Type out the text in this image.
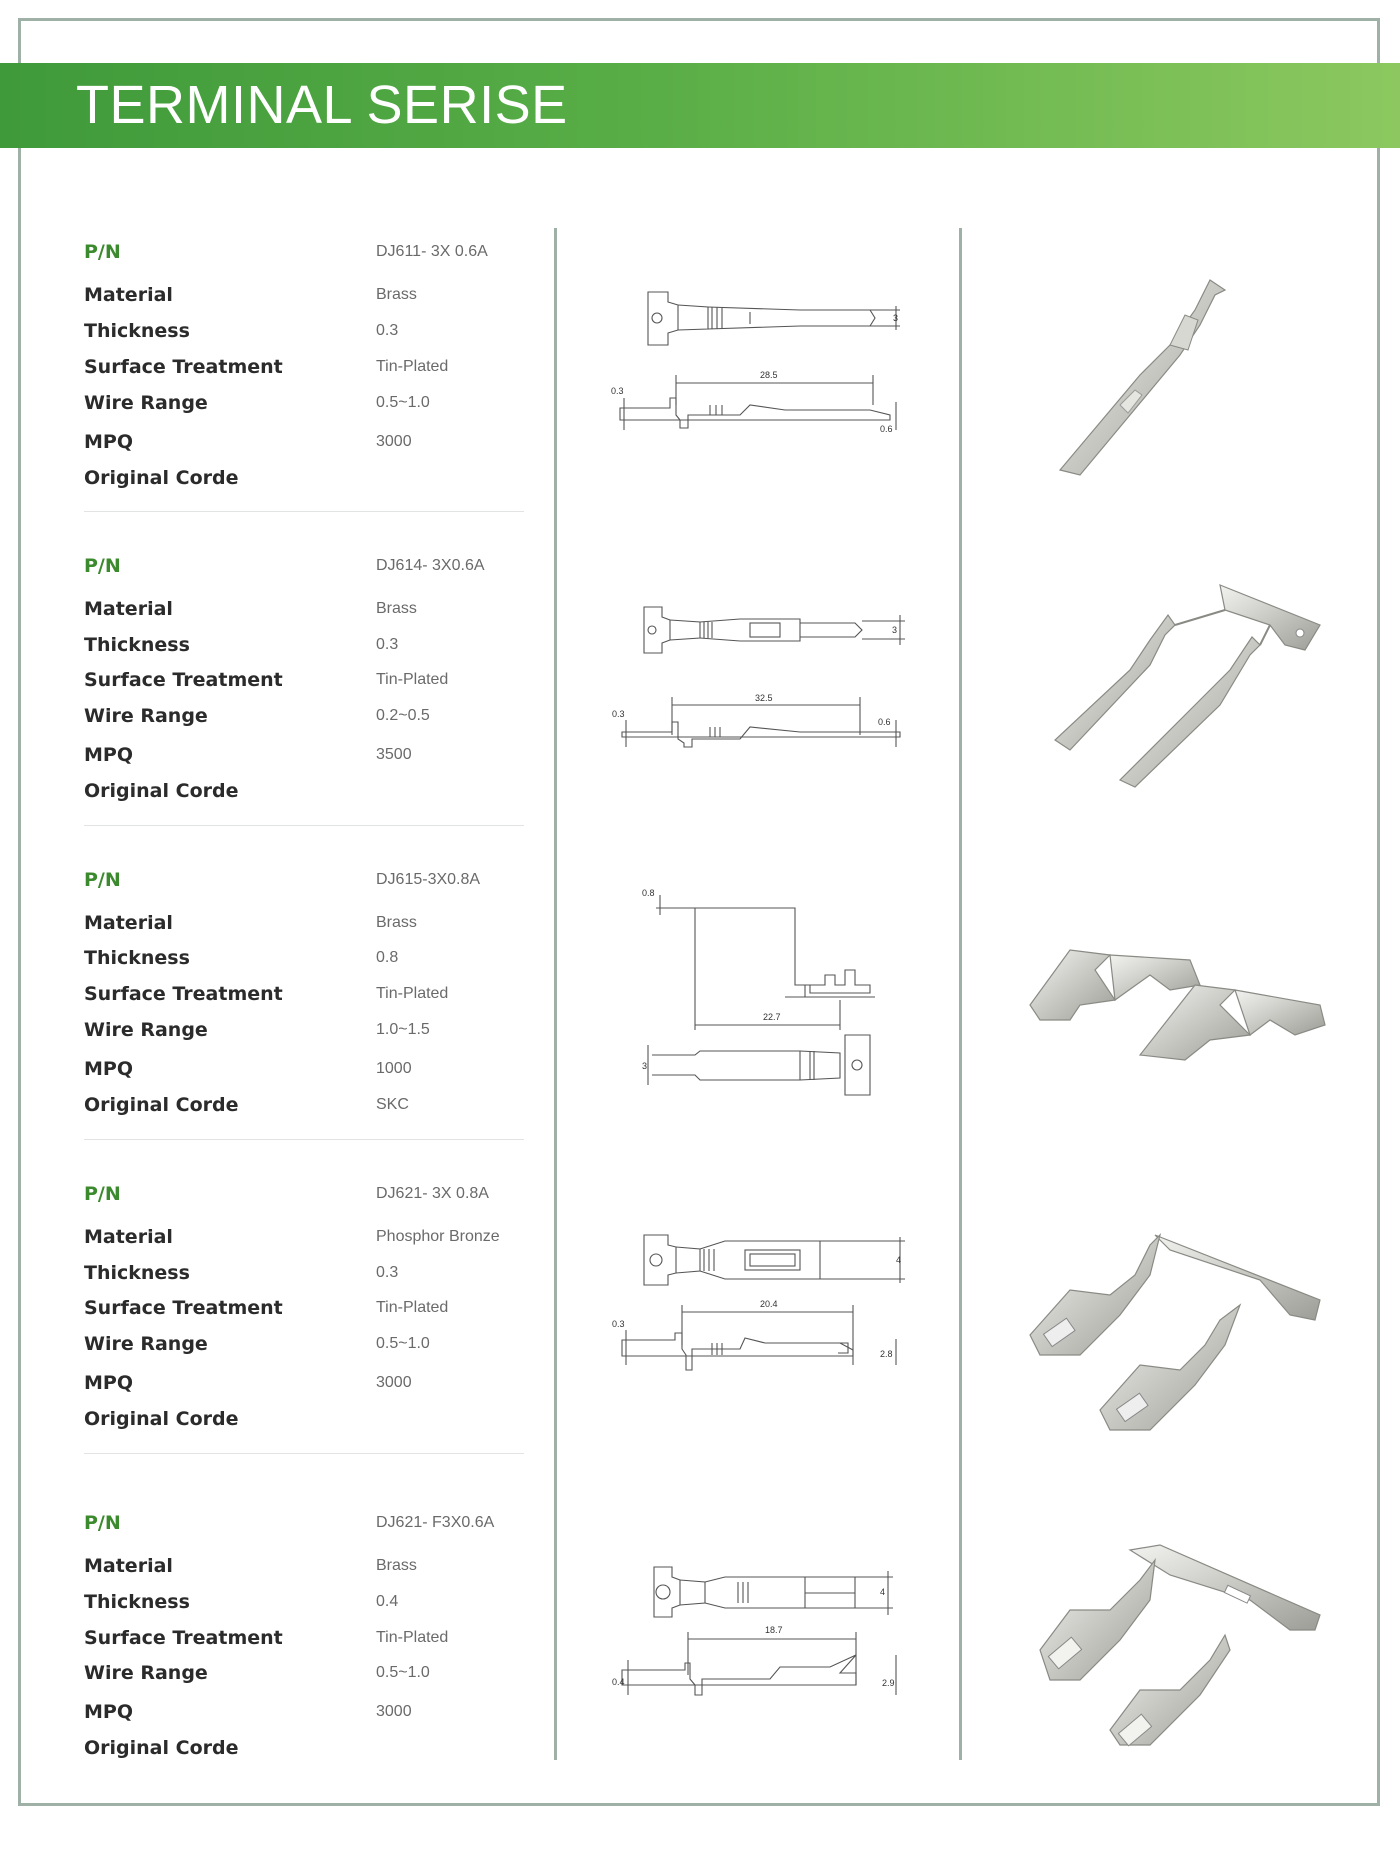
TERMINAL SERISE
P/N	DJ611- 3X 0.6A
Material	Brass
Thickness	0.3
Surface Treatment	Tin-Plated
Wire Range	0.5~1.0
MPQ	3000
Original Corde
3
28.5
0.3
0.6
P/N	DJ614- 3X0.6A
Material	Brass
Thickness	0.3
Surface Treatment	Tin-Plated
Wire Range	0.2~0.5
MPQ	3500
Original Corde
3
32.5
0.3
0.6
P/N	DJ615-3X0.8A
Material	Brass
Thickness	0.8
Surface Treatment	Tin-Plated
Wire Range	1.0~1.5
MPQ	1000
Original Corde	SKC
0.8
22.7
3
P/N	DJ621- 3X 0.8A
Material	Phosphor Bronze
Thickness	0.3
Surface Treatment	Tin-Plated
Wire Range	0.5~1.0
MPQ	3000
Original Corde
4
20.4
0.3
2.8
P/N	DJ621- F3X0.6A
Material	Brass
Thickness	0.4
Surface Treatment	Tin-Plated
Wire Range	0.5~1.0
MPQ	3000
Original Corde
4
18.7
0.4	2.9
